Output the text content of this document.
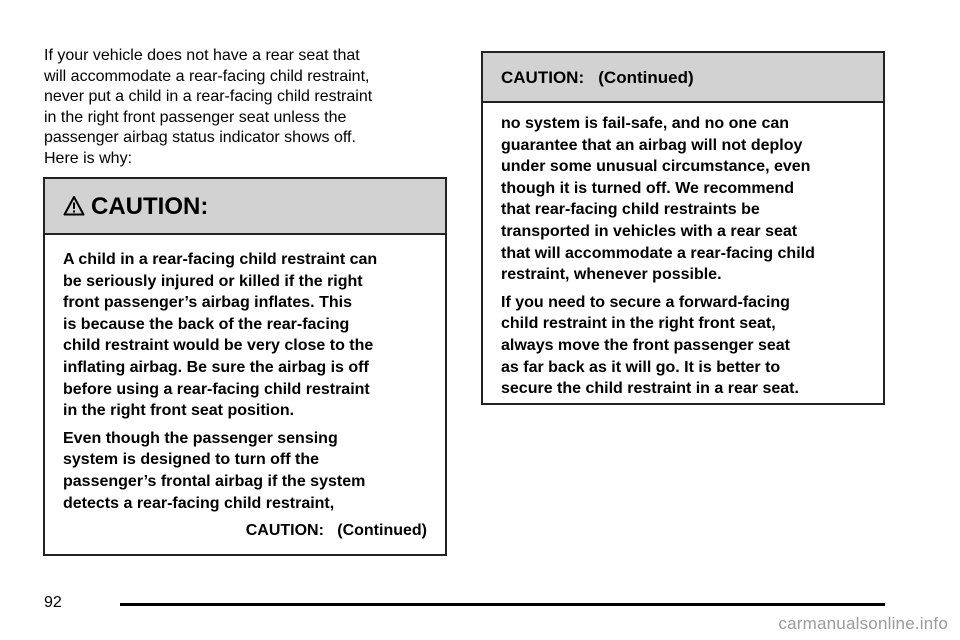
If your vehicle does not have a rear seat that
will accommodate a rear-facing child restraint,
never put a child in a rear-facing child restraint
in the right front passenger seat unless the
passenger airbag status indicator shows off.
Here is why:

CAUTION:
A child in a rear-facing child restraint can
be seriously injured or killed if the right
front passenger’s airbag inflates. This
is because the back of the rear-facing
child restraint would be very close to the
inflating airbag. Be sure the airbag is off
before using a rear-facing child restraint
in the right front seat position.
Even though the passenger sensing
system is designed to turn off the
passenger’s frontal airbag if the system
detects a rear-facing child restraint,
CAUTION:   (Continued)
CAUTION:   (Continued)
no system is fail-safe, and no one can
guarantee that an airbag will not deploy
under some unusual circumstance, even
though it is turned off. We recommend
that rear-facing child restraints be
transported in vehicles with a rear seat
that will accommodate a rear-facing child
restraint, whenever possible.
If you need to secure a forward-facing
child restraint in the right front seat,
always move the front passenger seat
as far back as it will go. It is better to
secure the child restraint in a rear seat.
92
carmanualsonline.info
